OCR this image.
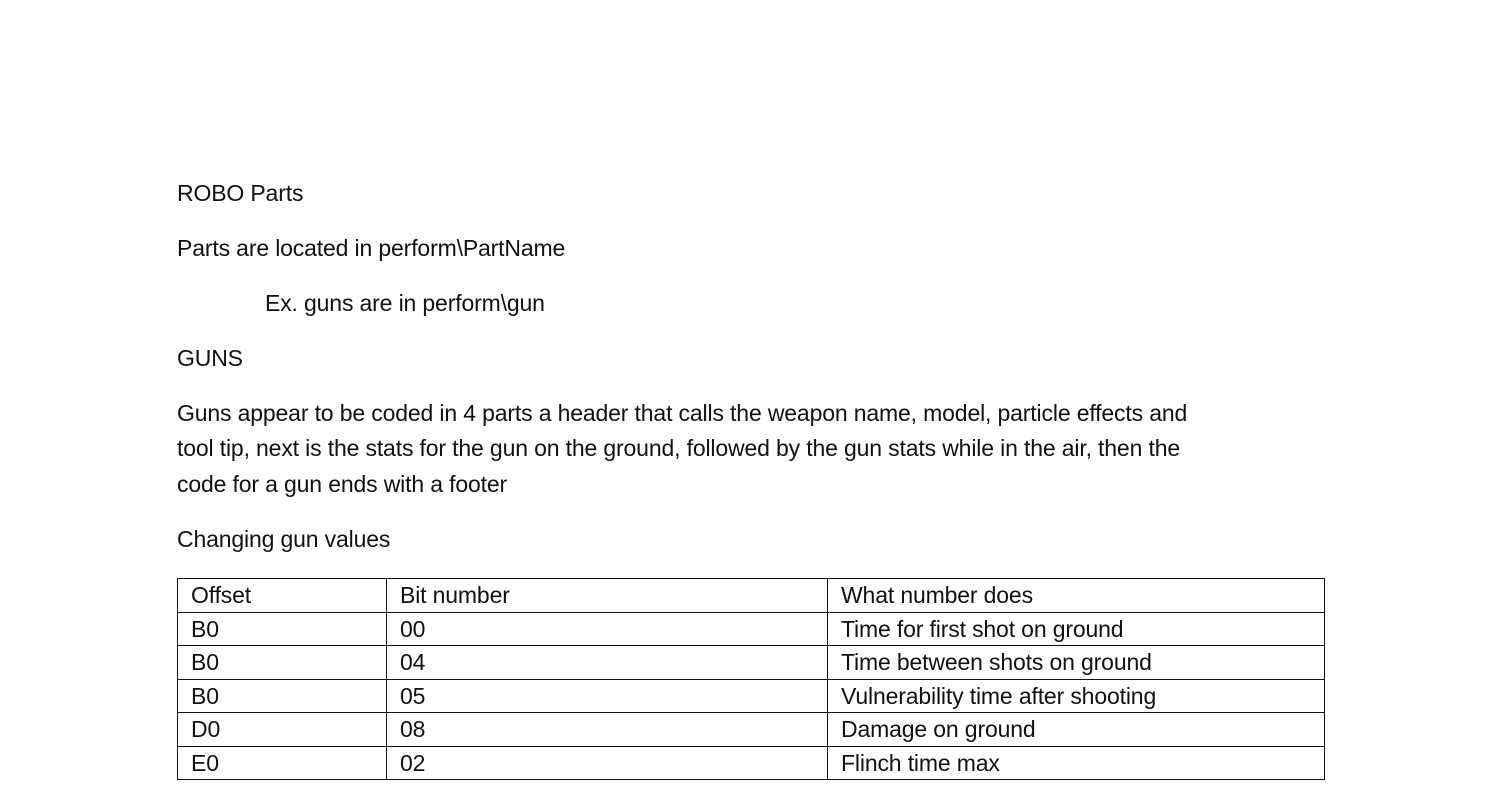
ROBO Parts

Parts are located in perform\PartName

Ex. guns are in perform\gun

GUNS

Guns appear to be coded in 4 parts a header that calls the weapon name, model, particle effects and

tool tip, next is the stats for the gun on the ground, followed by the gun stats while in the air, then the

code for a gun ends with a footer

Changing gun values

Offset	Bit number	What number does
B0	00	Time for first shot on ground
B0	04	Time between shots on ground
B0	05	Vulnerability time after shooting
D0	08	Damage on ground
E0	02	Flinch time max
